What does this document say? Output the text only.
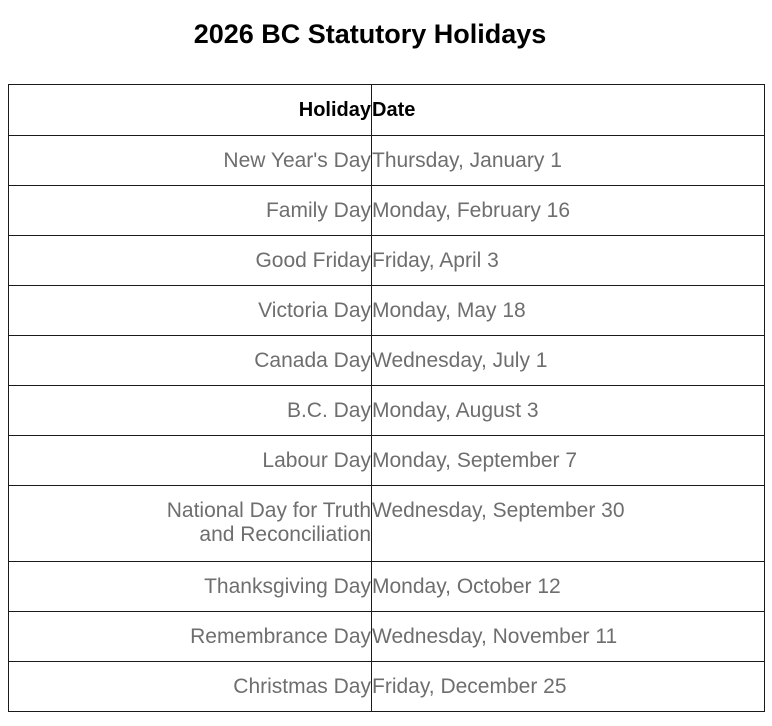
2026 BC Statutory Holidays
Holiday	Date
New Year's Day	Thursday, January 1
Family Day	Monday, February 16
Good Friday	Friday, April 3
Victoria Day	Monday, May 18
Canada Day	Wednesday, July 1
B.C. Day	Monday, August 3
Labour Day	Monday, September 7
National Day for Truth
and Reconciliation	Wednesday, September 30
Thanksgiving Day	Monday, October 12
Remembrance Day	Wednesday, November 11
Christmas Day	Friday, December 25
